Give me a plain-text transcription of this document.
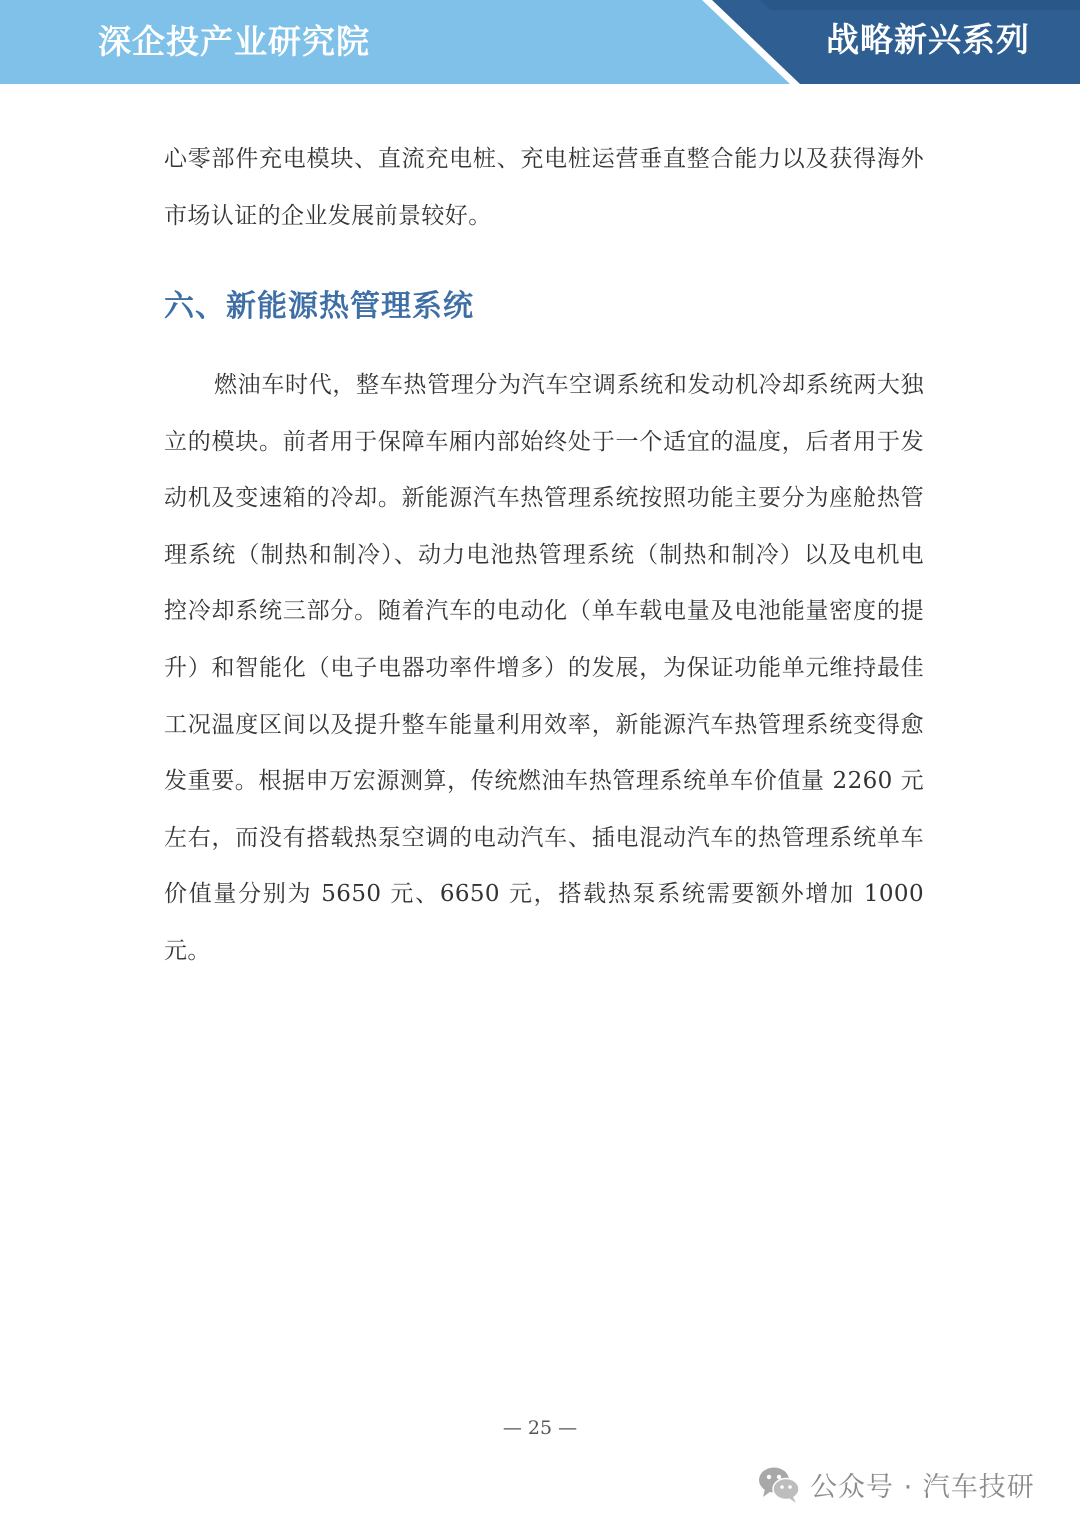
深企投产业研究院	战略新兴系列
心零部件充电模块、直流充电桩、充电桩运营垂直整合能力以及获得海外市场认证的企业发展前景较好。
六、新能源热管理系统
燃油车时代，整车热管理分为汽车空调系统和发动机冷却系统两大独立的模块。前者用于保障车厢内部始终处于一个适宜的温度，后者用于发动机及变速箱的冷却。新能源汽车热管理系统按照功能主要分为座舱热管理系统（制热和制冷）、动力电池热管理系统（制热和制冷）以及电机电控冷却系统三部分。随着汽车的电动化（单车载电量及电池能量密度的提升）和智能化（电子电器功率件增多）的发展，为保证功能单元维持最佳工况温度区间以及提升整车能量利用效率，新能源汽车热管理系统变得愈发重要。根据申万宏源测算，传统燃油车热管理系统单车价值量 2260 元左右，而没有搭载热泵空调的电动汽车、插电混动汽车的热管理系统单车价值量分别为 5650 元、6650 元，搭载热泵系统需要额外增加 1000 元。
— 25 —
公众号 · 汽车技研
